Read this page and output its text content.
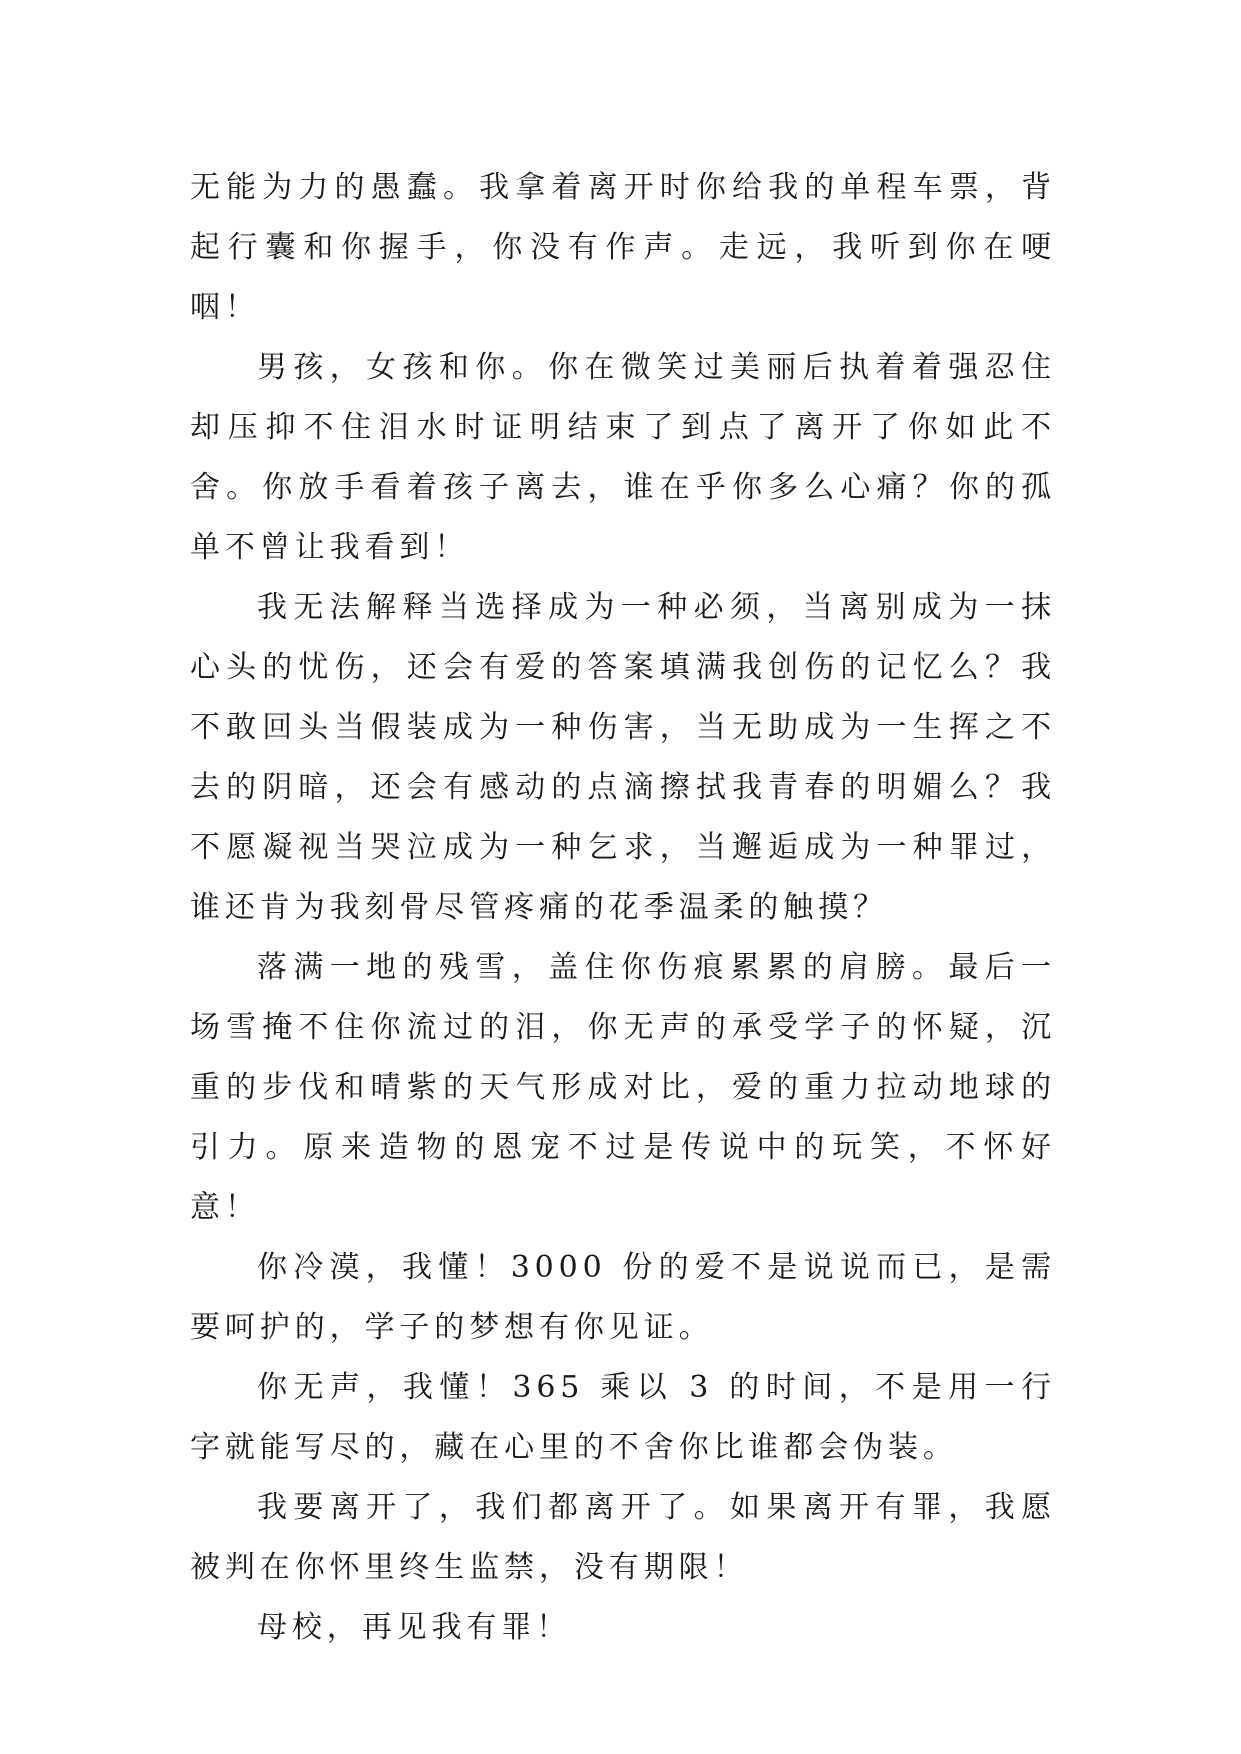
无能为力的愚蠢。我拿着离开时你给我的单程车票，背起行囊和你握手，你没有作声。走远，我听到你在哽咽！

男孩，女孩和你。你在微笑过美丽后执着着强忍住却压抑不住泪水时证明结束了到点了离开了你如此不舍。你放手看着孩子离去，谁在乎你多么心痛？你的孤单不曾让我看到！

我无法解释当选择成为一种必须，当离别成为一抹心头的忧伤，还会有爱的答案填满我创伤的记忆么？我不敢回头当假装成为一种伤害，当无助成为一生挥之不去的阴暗，还会有感动的点滴擦拭我青春的明媚么？我不愿凝视当哭泣成为一种乞求，当邂逅成为一种罪过，谁还肯为我刻骨尽管疼痛的花季温柔的触摸？

落满一地的残雪，盖住你伤痕累累的肩膀。最后一场雪掩不住你流过的泪，你无声的承受学子的怀疑，沉重的步伐和晴紫的天气形成对比，爱的重力拉动地球的引力。原来造物的恩宠不过是传说中的玩笑，不怀好意！

你冷漠，我懂！3000 份的爱不是说说而已，是需要呵护的，学子的梦想有你见证。

你无声，我懂！365 乘以 3 的时间，不是用一行字就能写尽的，藏在心里的不舍你比谁都会伪装。

我要离开了，我们都离开了。如果离开有罪，我愿被判在你怀里终生监禁，没有期限！

母校，再见我有罪！
